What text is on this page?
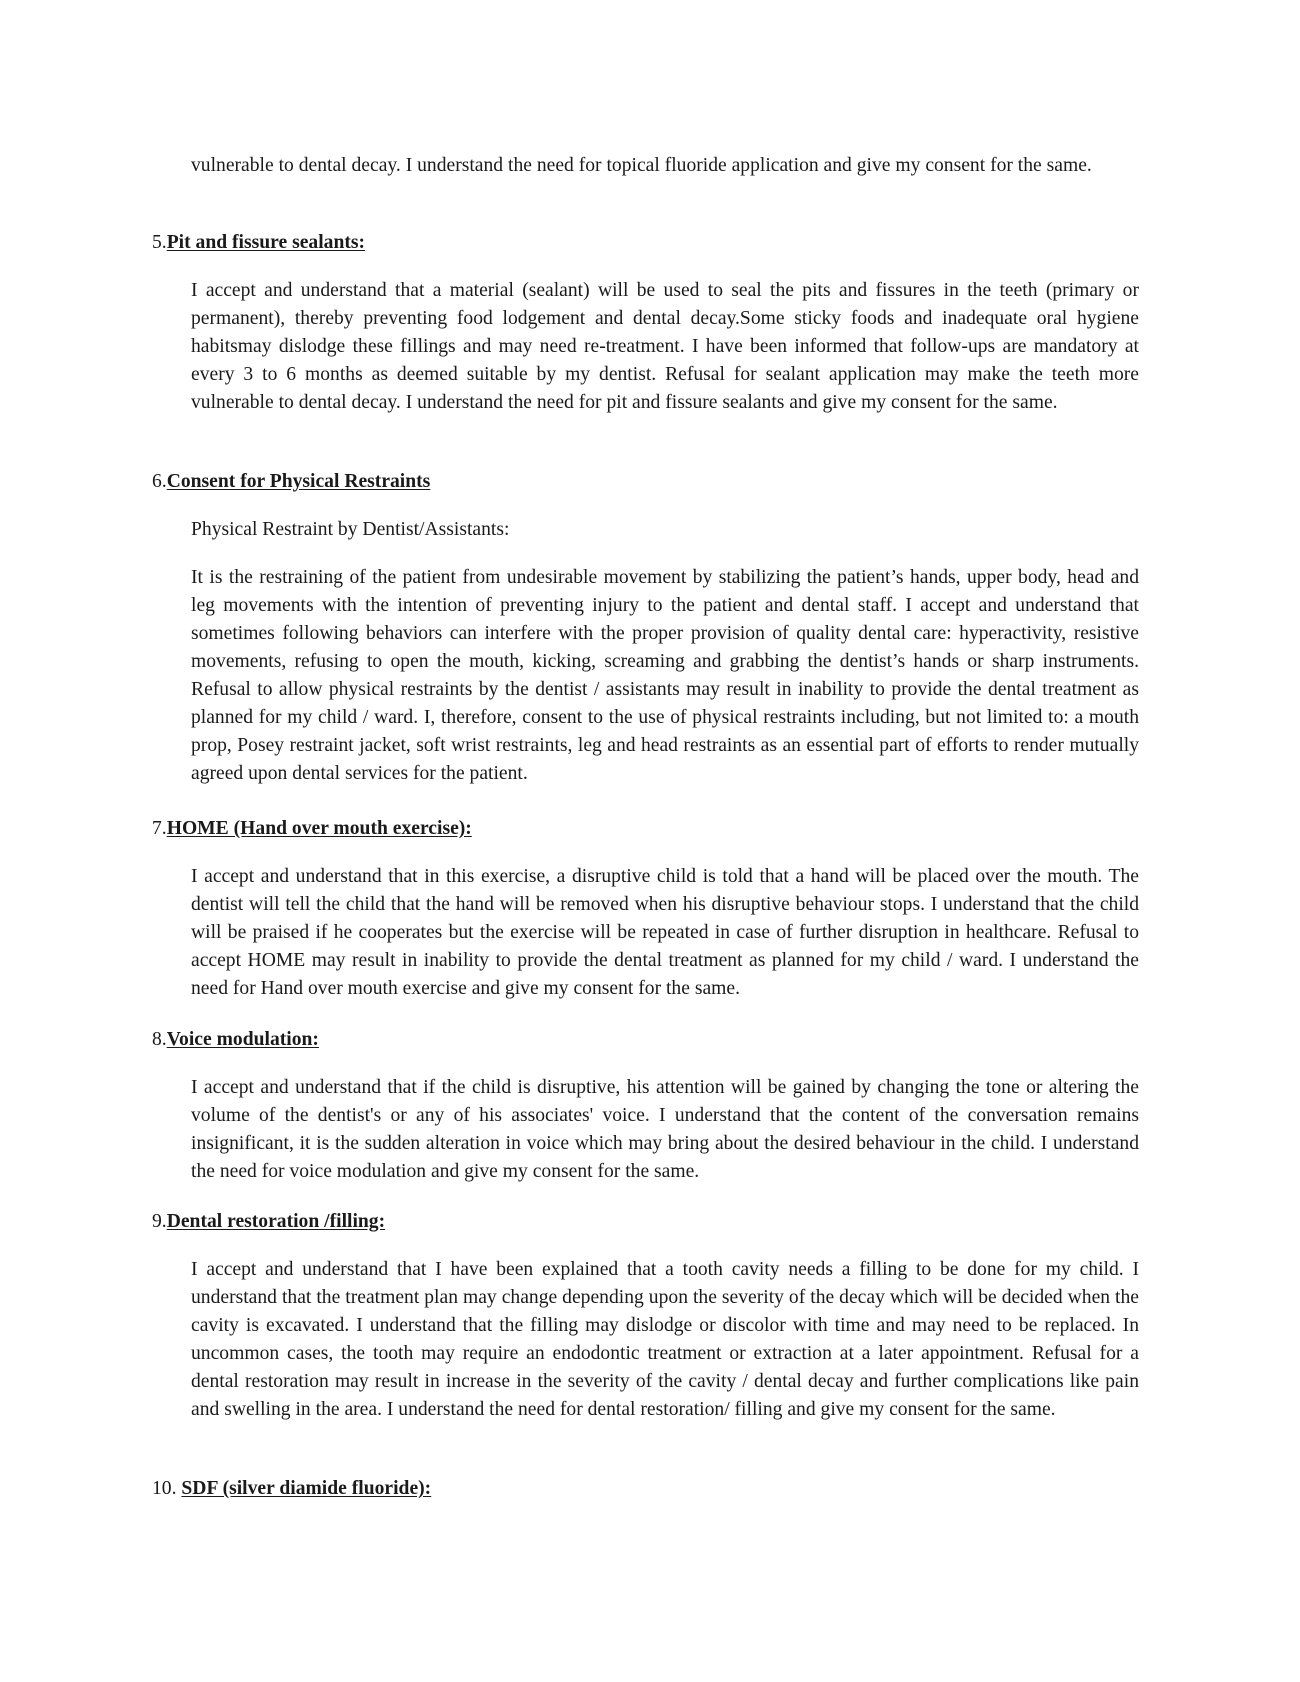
vulnerable to dental decay. I understand the need for topical fluoride application and give my consent for the same.

5.Pit and fissure sealants:

I accept and understand that a material (sealant) will be used to seal the pits and fissures in the teeth (primary or permanent), thereby preventing food lodgement and dental decay.Some sticky foods and inadequate oral hygiene habitsmay dislodge these fillings and may need re-treatment. I have been informed that follow-ups are mandatory at every 3 to 6 months as deemed suitable by my dentist. Refusal for sealant application may make the teeth more vulnerable to dental decay. I understand the need for pit and fissure sealants and give my consent for the same.

6.Consent for Physical Restraints

Physical Restraint by Dentist/Assistants:

It is the restraining of the patient from undesirable movement by stabilizing the patient’s hands, upper body, head and leg movements with the intention of preventing injury to the patient and dental staff. I accept and understand that sometimes following behaviors can interfere with the proper provision of quality dental care: hyperactivity, resistive movements, refusing to open the mouth, kicking, screaming and grabbing the dentist’s hands or sharp instruments. Refusal to allow physical restraints by the dentist / assistants may result in inability to provide the dental treatment as planned for my child / ward. I, therefore, consent to the use of physical restraints including, but not limited to: a mouth prop, Posey restraint jacket, soft wrist restraints, leg and head restraints as an essential part of efforts to render mutually agreed upon dental services for the patient.

7.HOME (Hand over mouth exercise):

I accept and understand that in this exercise, a disruptive child is told that a hand will be placed over the mouth. The dentist will tell the child that the hand will be removed when his disruptive behaviour stops. I understand that the child will be praised if he cooperates but the exercise will be repeated in case of further disruption in healthcare. Refusal to accept HOME may result in inability to provide the dental treatment as planned for my child / ward. I understand the need for Hand over mouth exercise and give my consent for the same.

8.Voice modulation:

I accept and understand that if the child is disruptive, his attention will be gained by changing the tone or altering the volume of the dentist's or any of his associates' voice. I understand that the content of the conversation remains insignificant, it is the sudden alteration in voice which may bring about the desired behaviour in the child. I understand the need for voice modulation and give my consent for the same.

9.Dental restoration /filling:

I accept and understand that I have been explained that a tooth cavity needs a filling to be done for my child. I understand that the treatment plan may change depending upon the severity of the decay which will be decided when the cavity is excavated. I understand that the filling may dislodge or discolor with time and may need to be replaced. In uncommon cases, the tooth may require an endodontic treatment or extraction at a later appointment. Refusal for a dental restoration may result in increase in the severity of the cavity / dental decay and further complications like pain and swelling in the area. I understand the need for dental restoration/ filling and give my consent for the same.

10. SDF (silver diamide fluoride):
